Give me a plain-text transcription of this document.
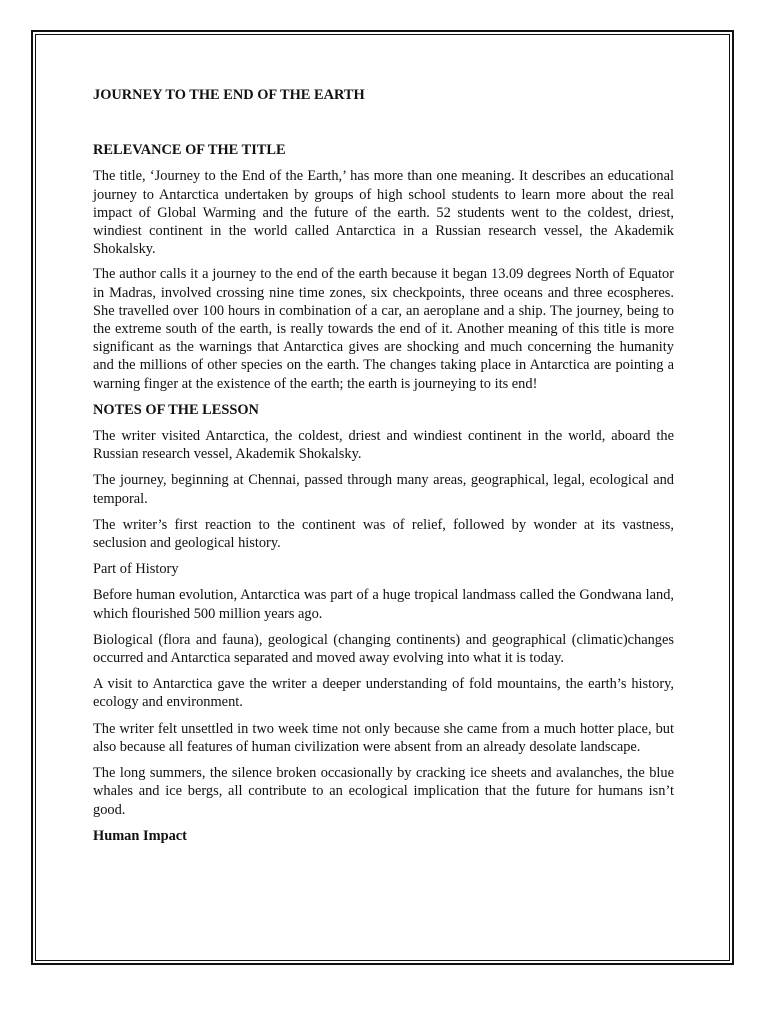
JOURNEY TO THE END OF THE EARTH

RELEVANCE OF THE TITLE

The title, ‘Journey to the End of the Earth,’ has more than one meaning. It describes an educational journey to Antarctica undertaken by groups of high school students to learn more about the real impact of Global Warming and the future of the earth. 52 students went to the coldest, driest, windiest continent in the world called Antarctica in a Russian research vessel, the Akademik Shokalsky.

The author calls it a journey to the end of the earth because it began 13.09 degrees North of Equator in Madras, involved crossing nine time zones, six checkpoints, three oceans and three ecospheres. She travelled over 100 hours in combination of a car, an aeroplane and a ship. The journey, being to the extreme south of the earth, is really towards the end of it. Another meaning of this title is more significant as the warnings that Antarctica gives are shocking and much concerning the humanity and the millions of other species on the earth. The changes taking place in Antarctica are pointing a warning finger at the existence of the earth; the earth is journeying to its end!

NOTES OF THE LESSON

The writer visited Antarctica, the coldest, driest and windiest continent in the world, aboard the Russian research vessel, Akademik Shokalsky.

The journey, beginning at Chennai, passed through many areas, geographical, legal, ecological and temporal.

The writer’s first reaction to the continent was of relief, followed by wonder at its vastness, seclusion and geological history.

Part of History

Before human evolution, Antarctica was part of a huge tropical landmass called the Gondwana land, which flourished 500 million years ago.

Biological (flora and fauna), geological (changing continents) and geographical (climatic)changes occurred and Antarctica separated and moved away evolving into what it is today.

A visit to Antarctica gave the writer a deeper understanding of fold mountains, the earth’s history, ecology and environment.

The writer felt unsettled in two week time not only because she came from a much hotter place, but also because all features of human civilization were absent from an already desolate landscape.

The long summers, the silence broken occasionally by cracking ice sheets and avalanches, the blue whales and ice bergs, all contribute to an ecological implication that the future for humans isn’t good.

Human Impact
